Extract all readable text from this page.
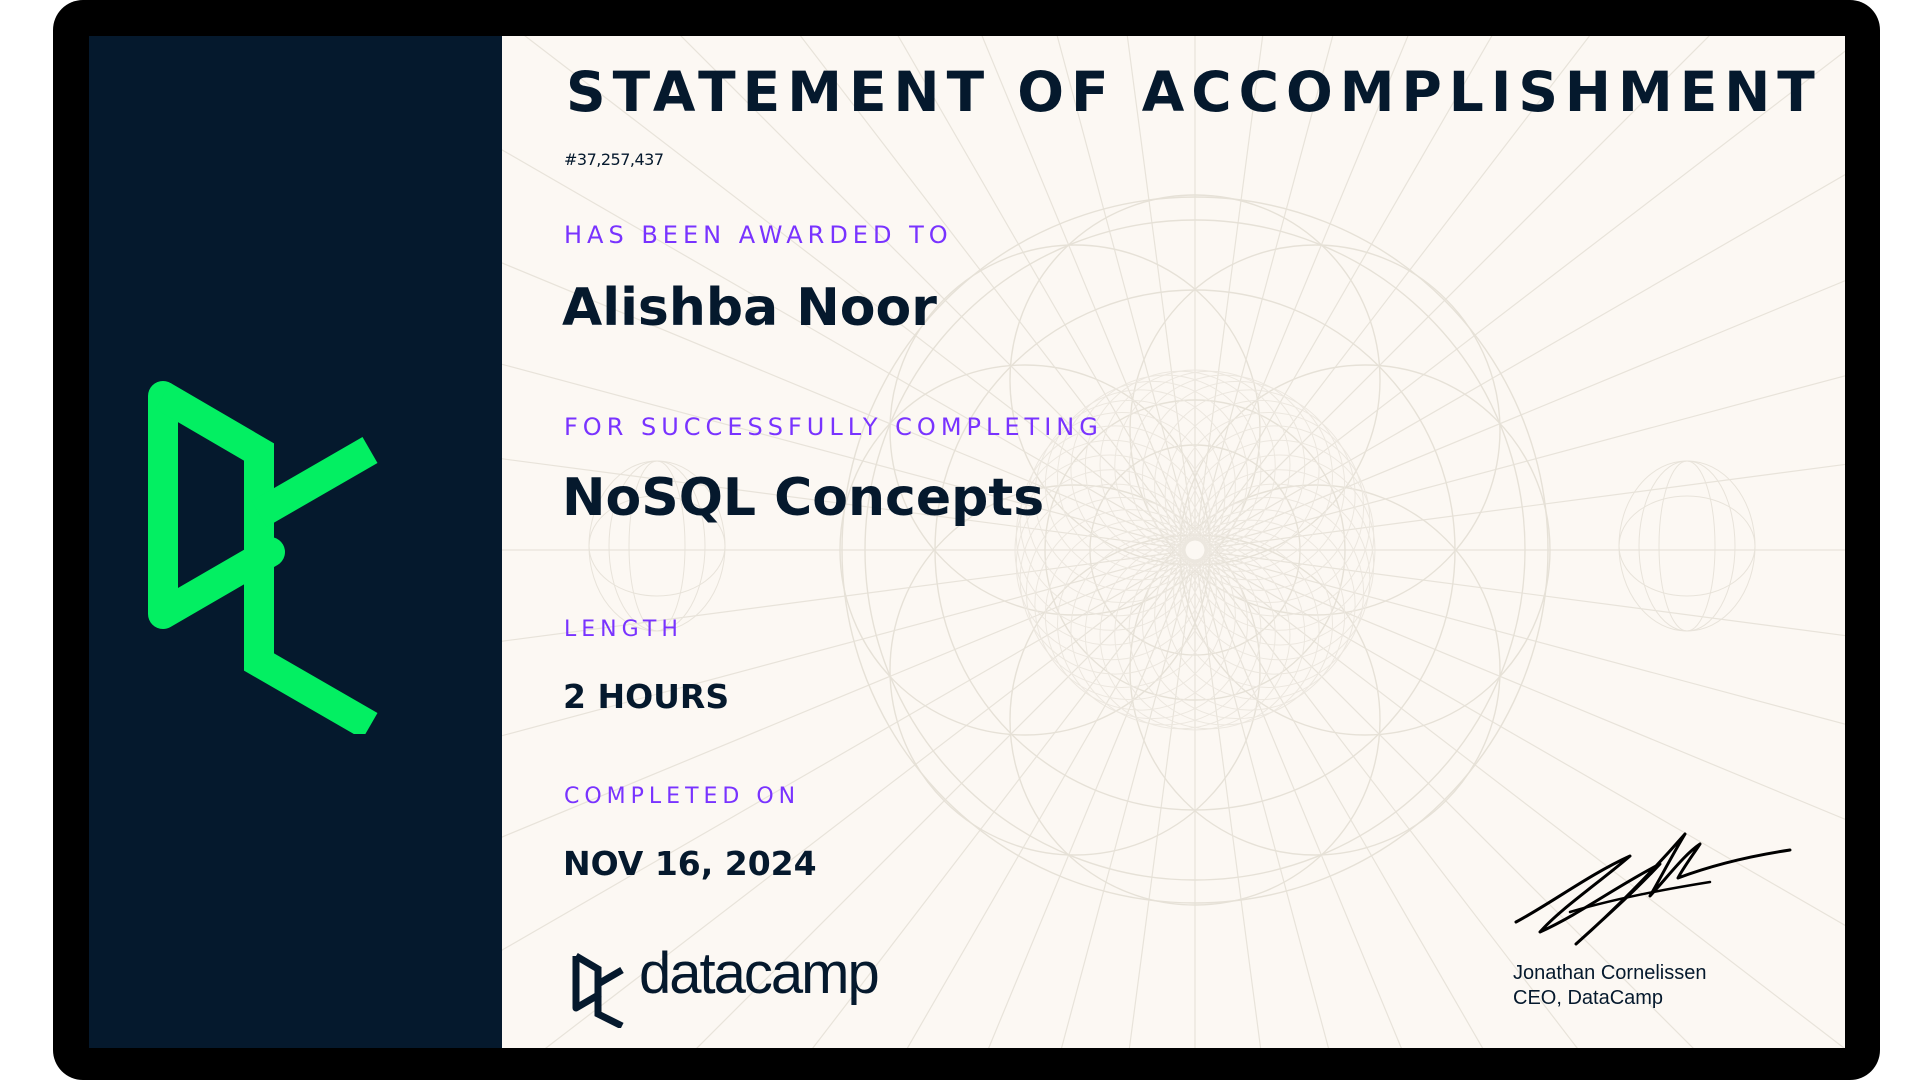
STATEMENT OF ACCOMPLISHMENT
#37,257,437
HAS BEEN AWARDED TO
Alishba Noor
FOR SUCCESSFULLY COMPLETING
NoSQL Concepts
LENGTH
2 HOURS
COMPLETED ON
NOV 16, 2024
datacamp	Jonathan Cornelissen
CEO, DataCamp
